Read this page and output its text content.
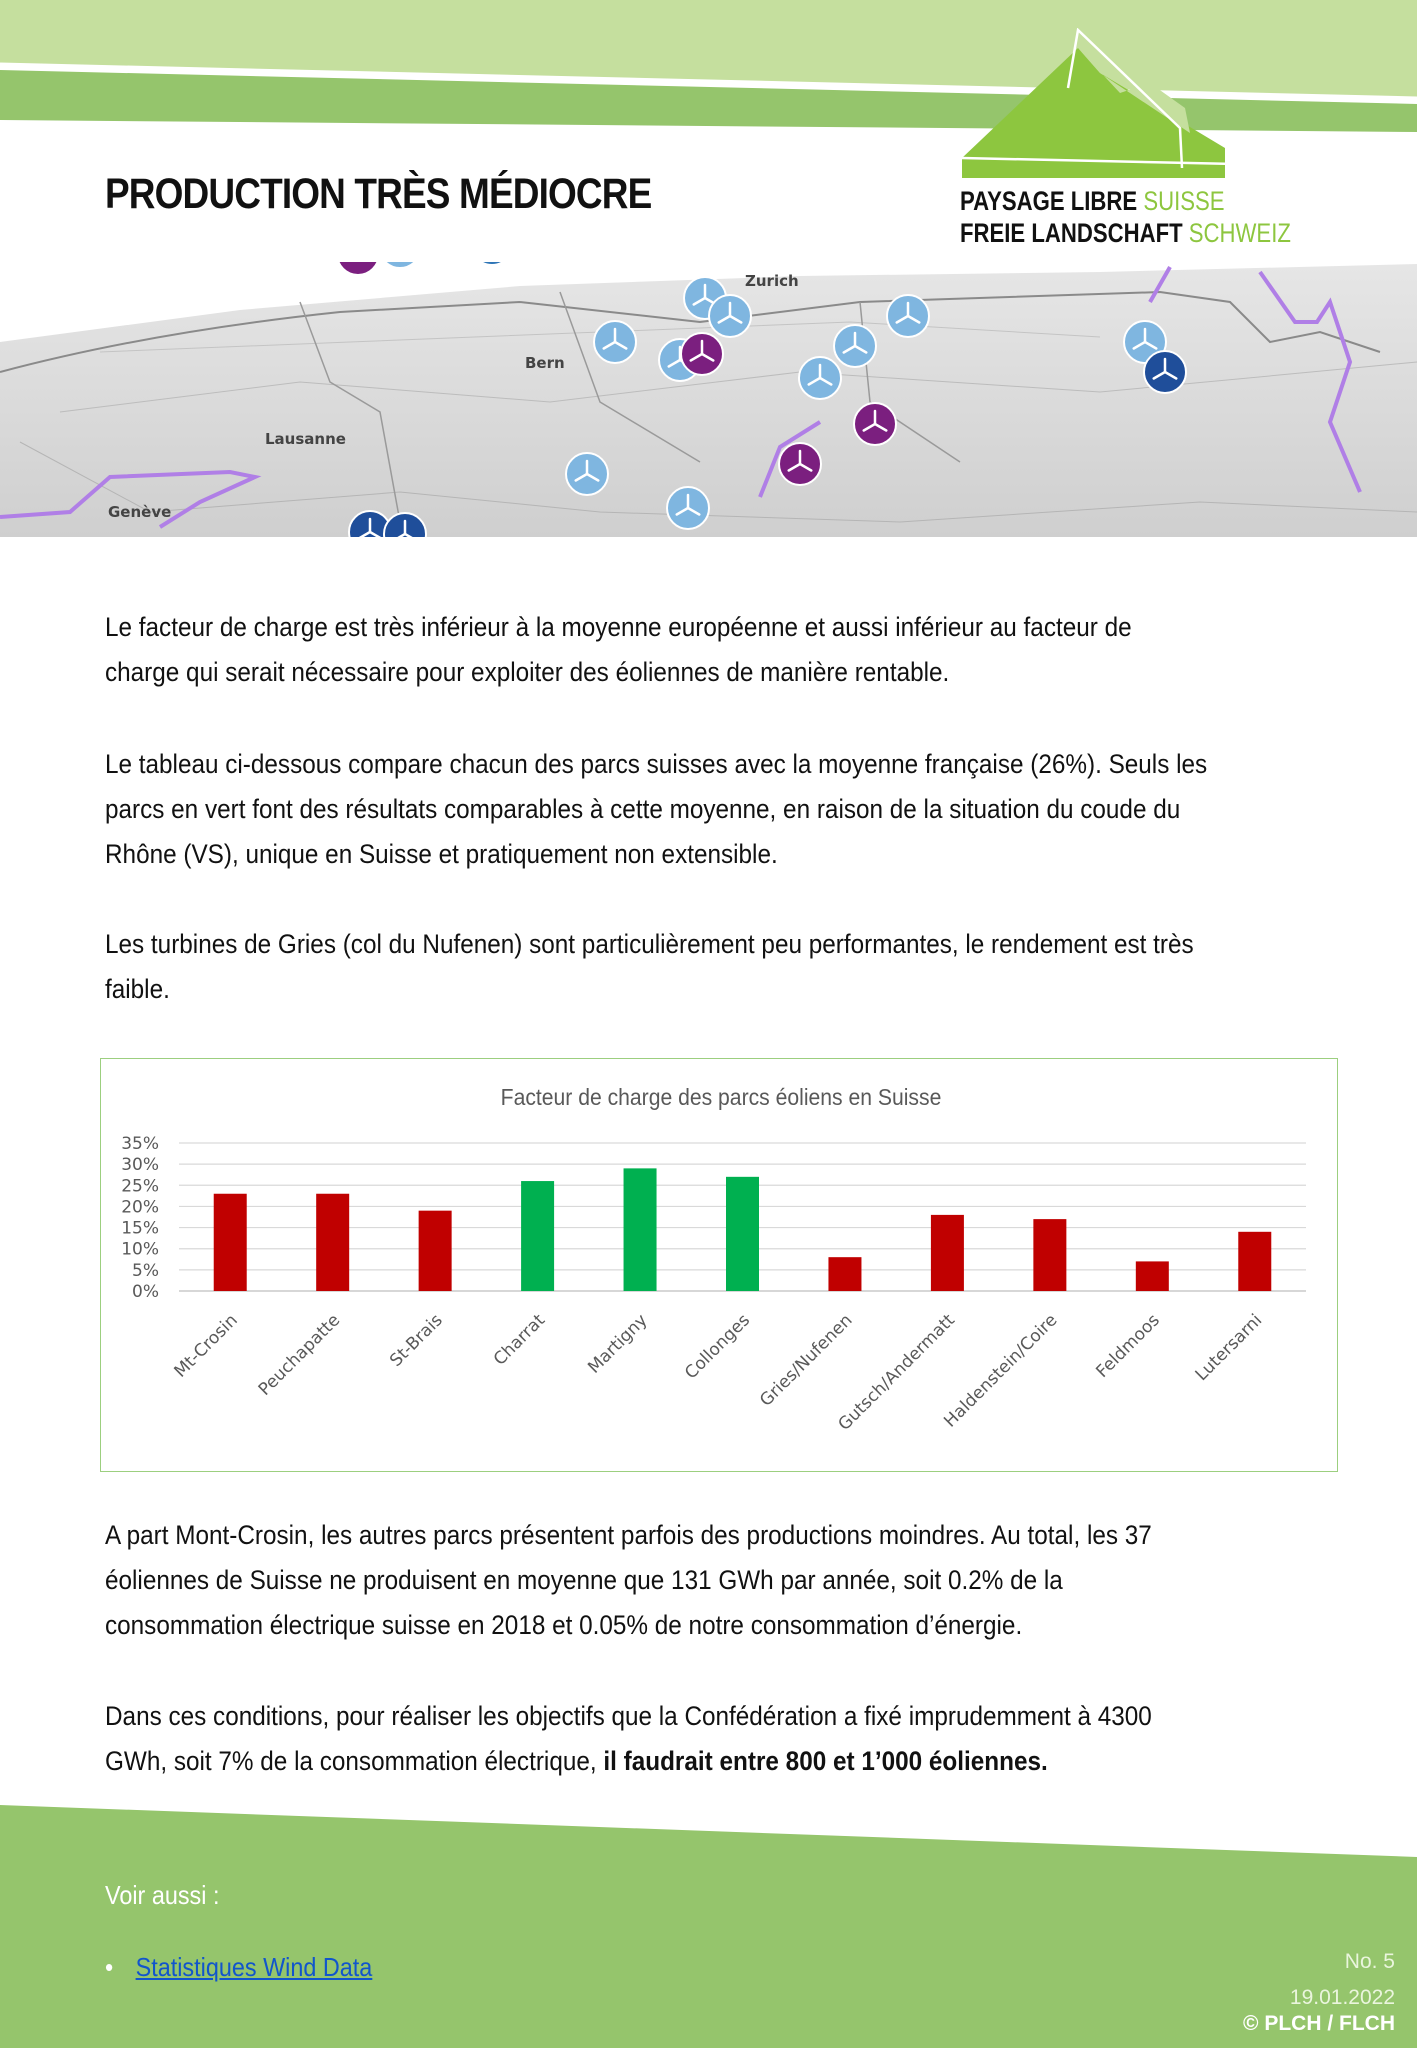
PAYSAGE LIBRE SUISSE
FREIE LANDSCHAFT SCHWEIZ
PRODUCTION TRÈS MÉDIOCRE
Zurich
Bern
Lausanne
Genève
Le facteur de charge est très inférieur à la moyenne européenne et aussi inférieur au facteur de charge qui serait nécessaire pour exploiter des éoliennes de manière rentable.
Le tableau ci-dessous compare chacun des parcs suisses avec la moyenne française (26%). Seuls les parcs en vert font des résultats comparables à cette moyenne, en raison de la situation du coude du Rhône (VS), unique en Suisse et pratiquement non extensible.
Les turbines de Gries (col du Nufenen) sont particulièrement peu performantes, le rendement est très faible.
Facteur de charge des parcs éoliens en Suisse
0%
5%
10%
15%
20%
25%
30%
35%
Mt-Crosin Peuchapatte St-Brais	Charrat Martigny Collonges Gries/Nufenen
Gutsch/Andermatt
Haldenstein/Coire Feldmoos Lutersarni
A part Mont-Crosin, les autres parcs présentent parfois des productions moindres. Au total, les 37 éoliennes de Suisse ne produisent en moyenne que 131 GWh par année, soit 0.2% de la consommation électrique suisse en 2018 et 0.05% de notre consommation d’énergie.
Dans ces conditions, pour réaliser les objectifs que la Confédération a fixé imprudemment à 4300 GWh, soit 7% de la consommation électrique, il faudrait entre 800 et 1’000 éoliennes.
Voir aussi :
• Statistiques Wind Data	No. 5
19.01.2022
© PLCH / FLCH
